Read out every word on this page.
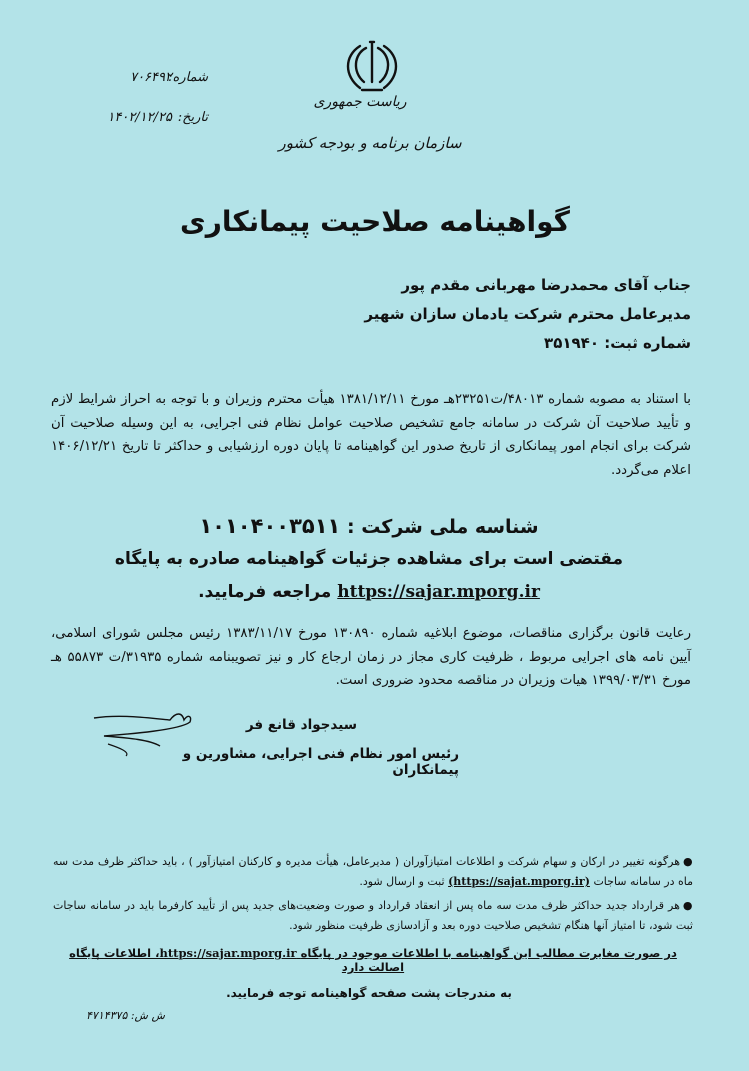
شماره:
۷۰۶۴۹۲
تاریخ:
۱۴۰۲/۱۲/۲۵
ریاست جمهوری
سازمان برنامه و بودجه کشور
گواهینامه صلاحیت پیمانکاری
جناب آقای محمدرضا مهربانی مقدم پور
مدیرعامل محترم شرکت یادمان سازان شهیر
شماره ثبت: ۳۵۱۹۴۰
با استناد به مصوبه شماره ۴۸۰۱۳/ت۲۳۲۵۱هـ مورخ ۱۳۸۱/۱۲/۱۱ هیأت محترم وزیران و با توجه به احراز شرایط لازم و تأیید صلاحیت آن شرکت در سامانه جامع تشخیص صلاحیت عوامل نظام فنی اجرایی، به این وسیله صلاحیت آن شرکت برای انجام امور پیمانکاری از تاریخ صدور این گواهینامه تا پایان دوره ارزشیابی و حداکثر تا تاریخ ۱۴۰۶/۱۲/۲۱ اعلام می‌گردد.
شناسه ملی شرکت : ۱۰۱۰۴۰۰۳۵۱۱
مقتضی است برای مشاهده جزئیات گواهینامه صادره به پایگاه
https://sajar.mporg.ir مراجعه فرمایید.
رعایت قانون برگزاری مناقصات، موضوع ابلاغیه شماره ۱۳۰۸۹۰ مورخ ۱۳۸۳/۱۱/۱۷ رئیس مجلس شورای اسلامی، آیین نامه های اجرایی مربوط ، ظرفیت کاری مجاز در زمان ارجاع کار و نیز تصویبنامه شماره ۳۱۹۳۵/ت ۵۵۸۷۳ هـ مورخ ۱۳۹۹/۰۳/۳۱ هیات وزیران در مناقصه محدود ضروری است.
سیدجواد قانع فر
رئیس امور نظام فنی اجرایی، مشاورین و پیمانکاران
●هرگونه تغییر در ارکان و سهام شرکت و اطلاعات امتیازآوران ( مدیرعامل، هیأت مدیره و کارکنان امتیازآور ) ، باید حداکثر ظرف مدت سه ماه در سامانه ساجات (https://sajat.mporg.ir) ثبت و ارسال شود.
●هر قرارداد جدید حداکثر ظرف مدت سه ماه پس از انعقاد قرارداد و صورت وضعیت‌های جدید پس از تأیید کارفرما باید در سامانه ساجات ثبت شود، تا امتیاز آنها هنگام تشخیص صلاحیت دوره بعد و آزادسازی ظرفیت منظور شود.
در صورت مغایرت مطالب این گواهینامه با اطلاعات موجود در پایگاه https://sajar.mporg.ir، اطلاعات پایگاه اصالت دارد
به مندرجات پشت صفحه گواهینامه توجه فرمایید.
ش ش: ۴۷۱۴۳۷۵
